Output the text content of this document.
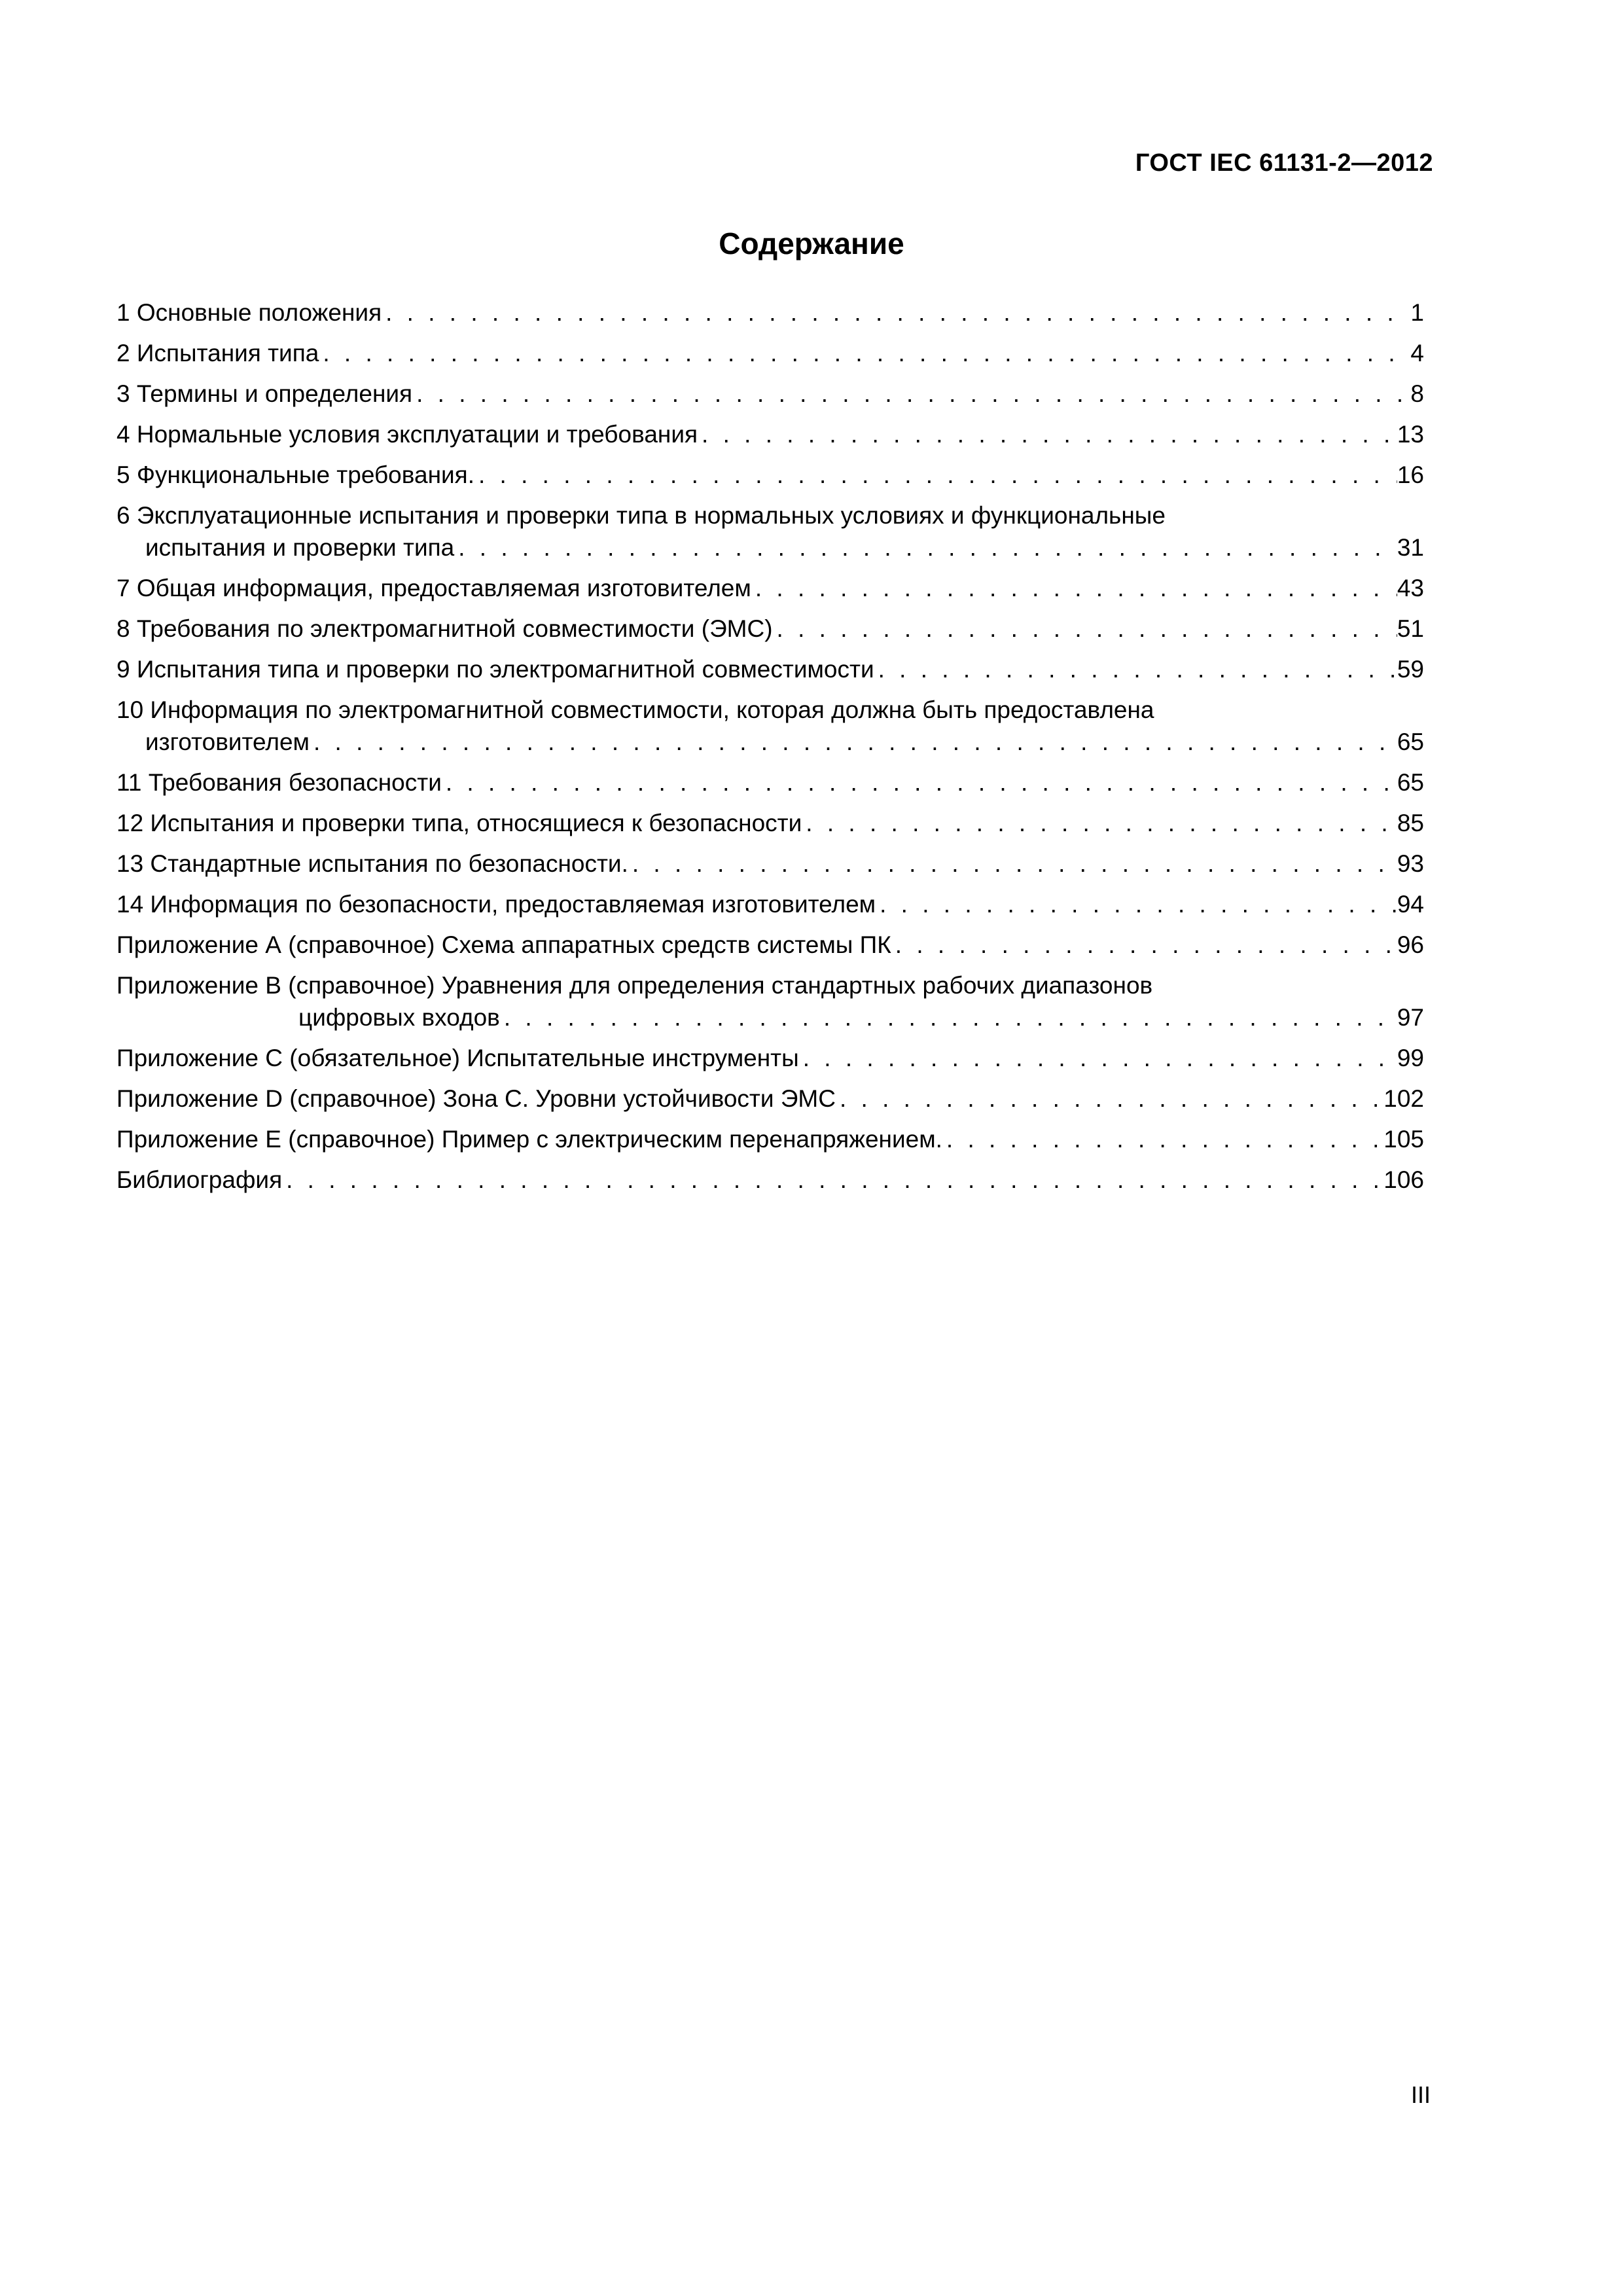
ГОСТ IEC 61131-2—2012
Содержание
1 Основные положения . . .	1
2 Испытания типа . . .	4
3 Термины и определения . . .	8
4 Нормальные условия эксплуатации и требования . . .	13
5 Функциональные требования. . . .	16
6 Эксплуатационные испытания и проверки типа в нормальных условиях и функциональные
испытания и проверки типа . . .	31
7 Общая информация, предоставляемая изготовителем . . .	43
8 Требования по электромагнитной совместимости (ЭМС) . . .	51
9 Испытания типа и проверки по электромагнитной совместимости . . .	59
10 Информация по электромагнитной совместимости, которая должна быть предоставлена
изготовителем . . .	65
11 Требования безопасности . . .	65
12 Испытания и проверки типа, относящиеся к безопасности . . .	85
13 Стандартные испытания по безопасности. . . .	93
14 Информация по безопасности, предоставляемая изготовителем . . .	94
Приложение А (справочное) Схема аппаратных средств системы ПК . . .	96
Приложение В (справочное) Уравнения для определения стандартных рабочих диапазонов
цифровых входов . . .	97
Приложение С (обязательное) Испытательные инструменты . . .	99
Приложение D (справочное) Зона С. Уровни устойчивости ЭМС . . .	102
Приложение Е (справочное) Пример с электрическим перенапряжением. . . .	105
Библиография . . .	106
III
